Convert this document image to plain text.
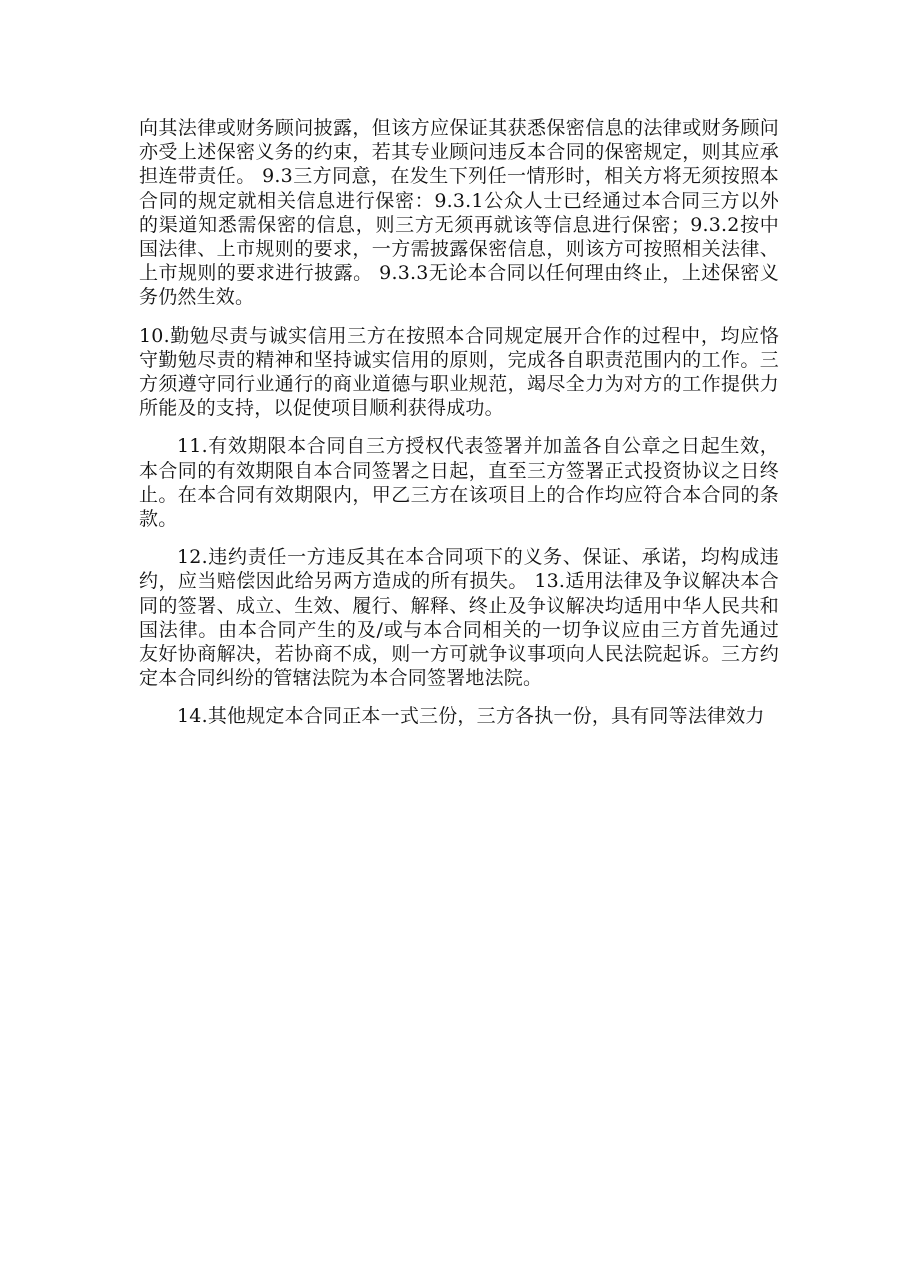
向其法律或财务顾问披露，但该方应保证其获悉保密信息的法律或财务顾问亦受上述保密义务的约束，若其专业顾问违反本合同的保密规定，则其应承担连带责任。 9.3三方同意，在发生下列任一情形时，相关方将无须按照本合同的规定就相关信息进行保密：9.3.1公众人士已经通过本合同三方以外的渠道知悉需保密的信息，则三方无须再就该等信息进行保密；9.3.2按中国法律、上市规则的要求，一方需披露保密信息，则该方可按照相关法律、上市规则的要求进行披露。 9.3.3无论本合同以任何理由终止，上述保密义务仍然生效。

10.勤勉尽责与诚实信用三方在按照本合同规定展开合作的过程中，均应恪守勤勉尽责的精神和坚持诚实信用的原则，完成各自职责范围内的工作。三方须遵守同行业通行的商业道德与职业规范，竭尽全力为对方的工作提供力所能及的支持，以促使项目顺利获得成功。

11.有效期限本合同自三方授权代表签署并加盖各自公章之日起生效，本合同的有效期限自本合同签署之日起，直至三方签署正式投资协议之日终止。在本合同有效期限内，甲乙三方在该项目上的合作均应符合本合同的条款。

12.违约责任一方违反其在本合同项下的义务、保证、承诺，均构成违约，应当赔偿因此给另两方造成的所有损失。 13.适用法律及争议解决本合同的签署、成立、生效、履行、解释、终止及争议解决均适用中华人民共和国法律。由本合同产生的及/或与本合同相关的一切争议应由三方首先通过友好协商解决，若协商不成，则一方可就争议事项向人民法院起诉。三方约定本合同纠纷的管辖法院为本合同签署地法院。

14.其他规定本合同正本一式三份，三方各执一份，具有同等法律效力
